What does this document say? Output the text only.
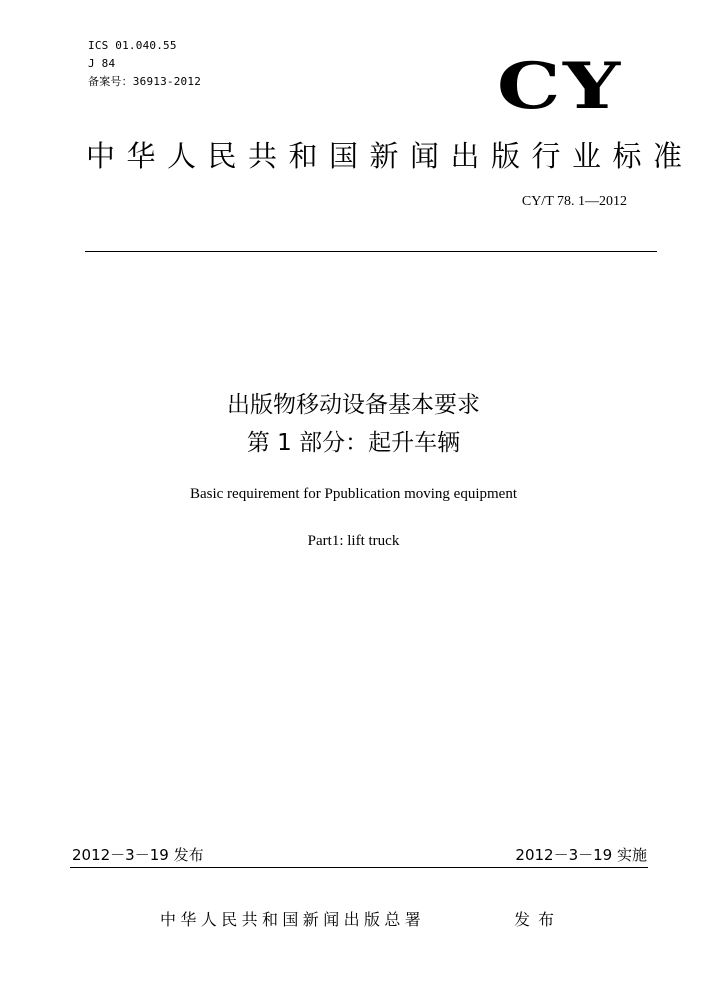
ICS 01.040.55
J 84
备案号：36913-2012	CY
中华人民共和国新闻出版行业标准
CY/T 78. 1—2012
出版物移动设备基本要求
第 1 部分：起升车辆
Basic requirement for Ppublication moving equipment
Part1: lift truck
2012－3－19 发布	2012－3－19 实施
中华人民共和国新闻出版总署	发布
